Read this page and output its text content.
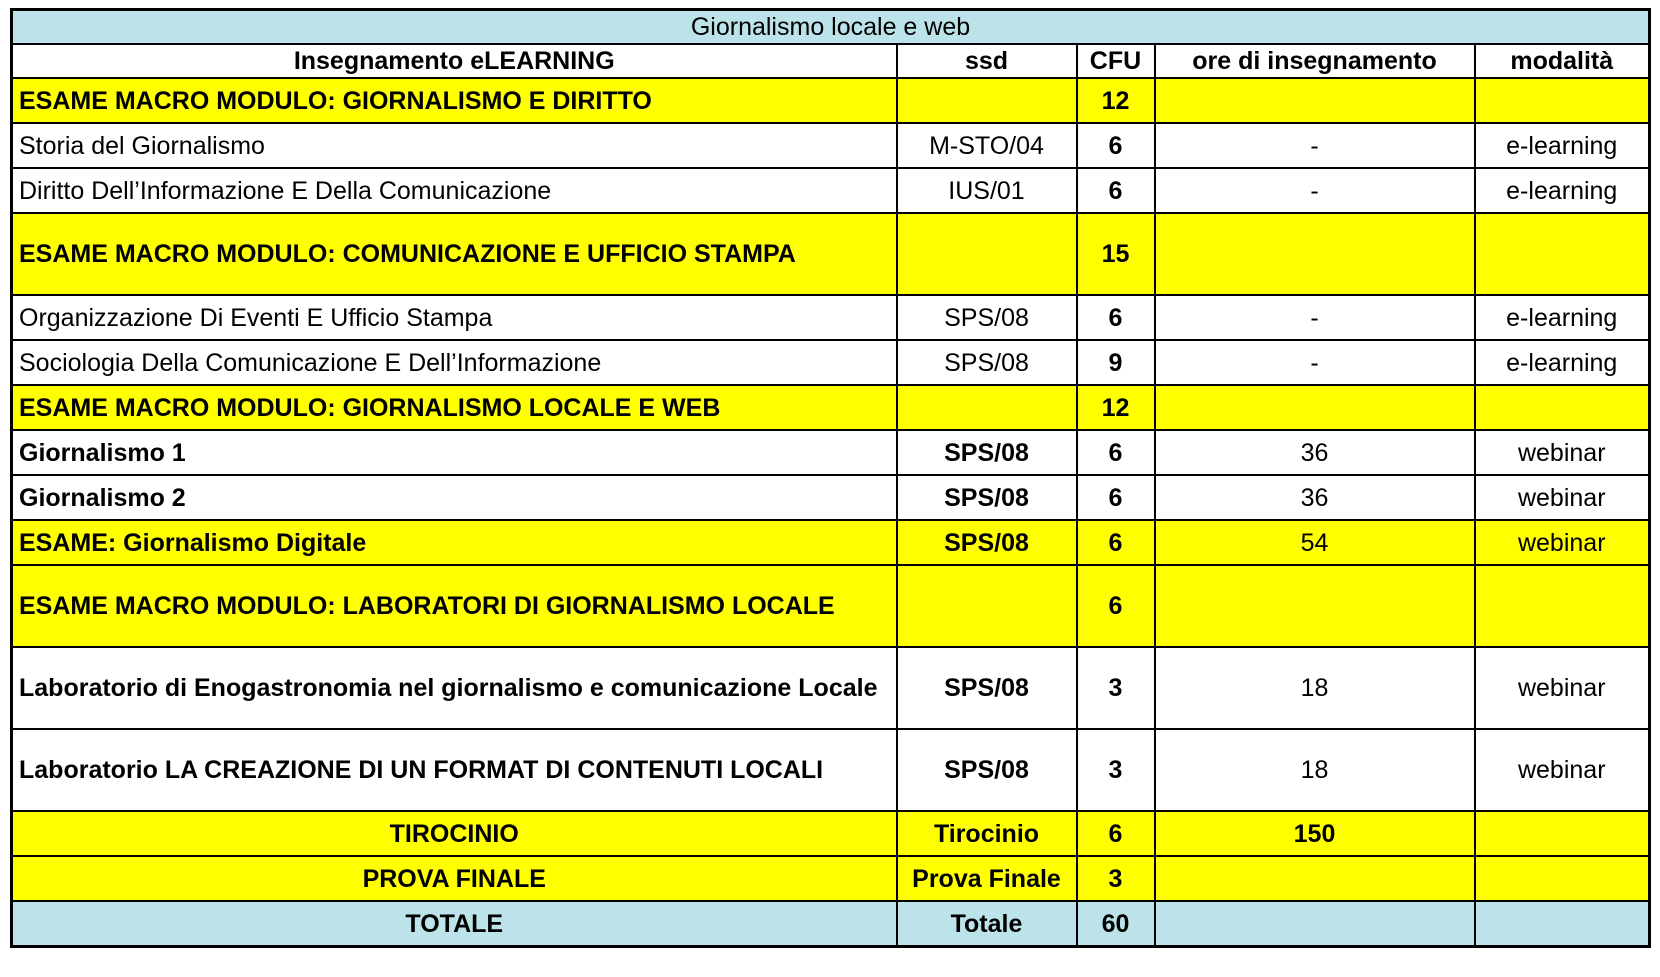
Giornalismo locale e web				
Insegnamento eLEARNING	ssd	CFU	ore di insegnamento	modalità
ESAME MACRO MODULO: GIORNALISMO E DIRITTO		12		
Storia del Giornalismo	M-STO/04	6	-	e-learning
Diritto Dell’Informazione E Della Comunicazione	IUS/01	6	-	e-learning
ESAME MACRO MODULO: COMUNICAZIONE E UFFICIO STAMPA		15		
Organizzazione Di Eventi E Ufficio Stampa	SPS/08	6	-	e-learning
Sociologia Della Comunicazione E Dell’Informazione	SPS/08	9	-	e-learning
ESAME MACRO MODULO: GIORNALISMO LOCALE E WEB		12		
Giornalismo 1	SPS/08	6	36	webinar
Giornalismo 2	SPS/08	6	36	webinar
ESAME: Giornalismo Digitale	SPS/08	6	54	webinar
ESAME MACRO MODULO: LABORATORI DI GIORNALISMO LOCALE		6		
Laboratorio di Enogastronomia nel giornalismo e comunicazione Locale	SPS/08	3	18	webinar
Laboratorio LA CREAZIONE DI UN FORMAT DI CONTENUTI LOCALI	SPS/08	3	18	webinar
TIROCINIO	Tirocinio	6	150	
PROVA FINALE	Prova Finale	3		
TOTALE	Totale	60		
